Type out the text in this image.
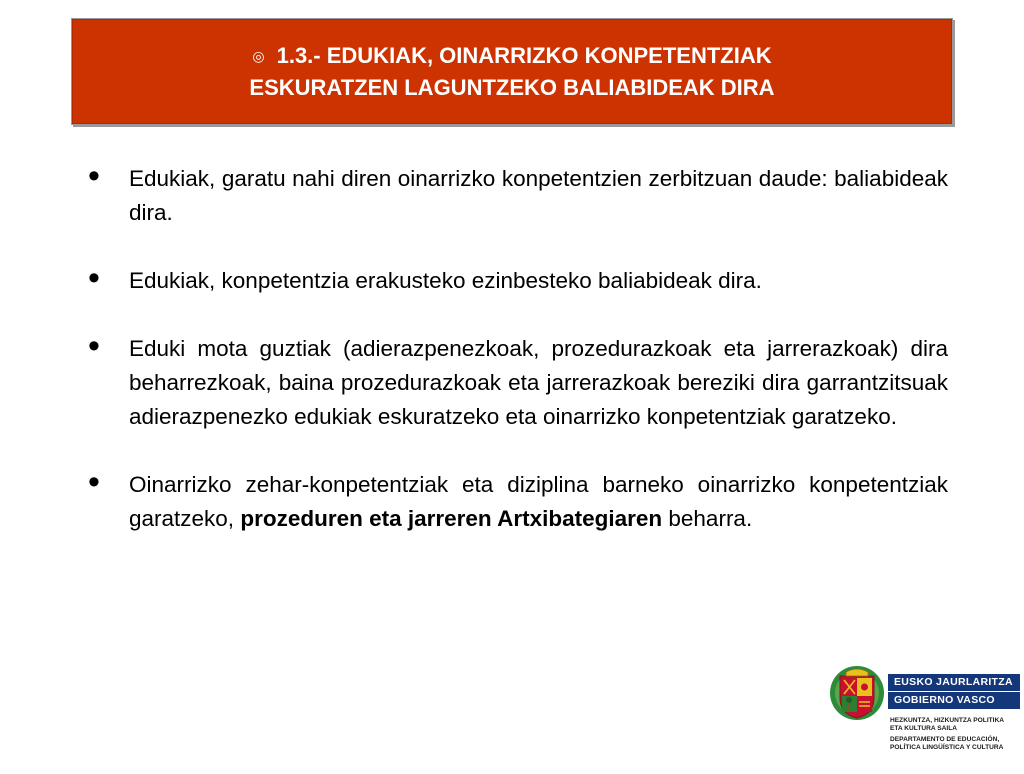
◎ 1.3.- EDUKIAK, OINARRIZKO KONPETENTZIAK
ESKURATZEN LAGUNTZEKO BALIABIDEAK DIRA
•	Edukiak, garatu nahi diren oinarrizko konpetentzien zerbitzuan daude: baliabideak dira.
•	Edukiak, konpetentzia erakusteko ezinbesteko baliabideak dira.
•	Eduki mota guztiak (adierazpenezkoak, prozedurazkoak eta jarrerazkoak) dira beharrezkoak, baina prozedurazkoak eta jarrerazkoak bereziki dira garrantzitsuak adierazpenezko edukiak eskuratzeko eta oinarrizko konpetentziak garatzeko.
•	Oinarrizko zehar-konpetentziak eta diziplina barneko oinarrizko konpetentziak garatzeko, prozeduren eta jarreren Artxibategiaren beharra.
EUSKO JAURLARITZA
GOBIERNO VASCO
HEZKUNTZA, HIZKUNTZA POLITIKA
ETA KULTURA SAILA
DEPARTAMENTO DE EDUCACIÓN,
POLÍTICA LINGÜÍSTICA Y CULTURA
